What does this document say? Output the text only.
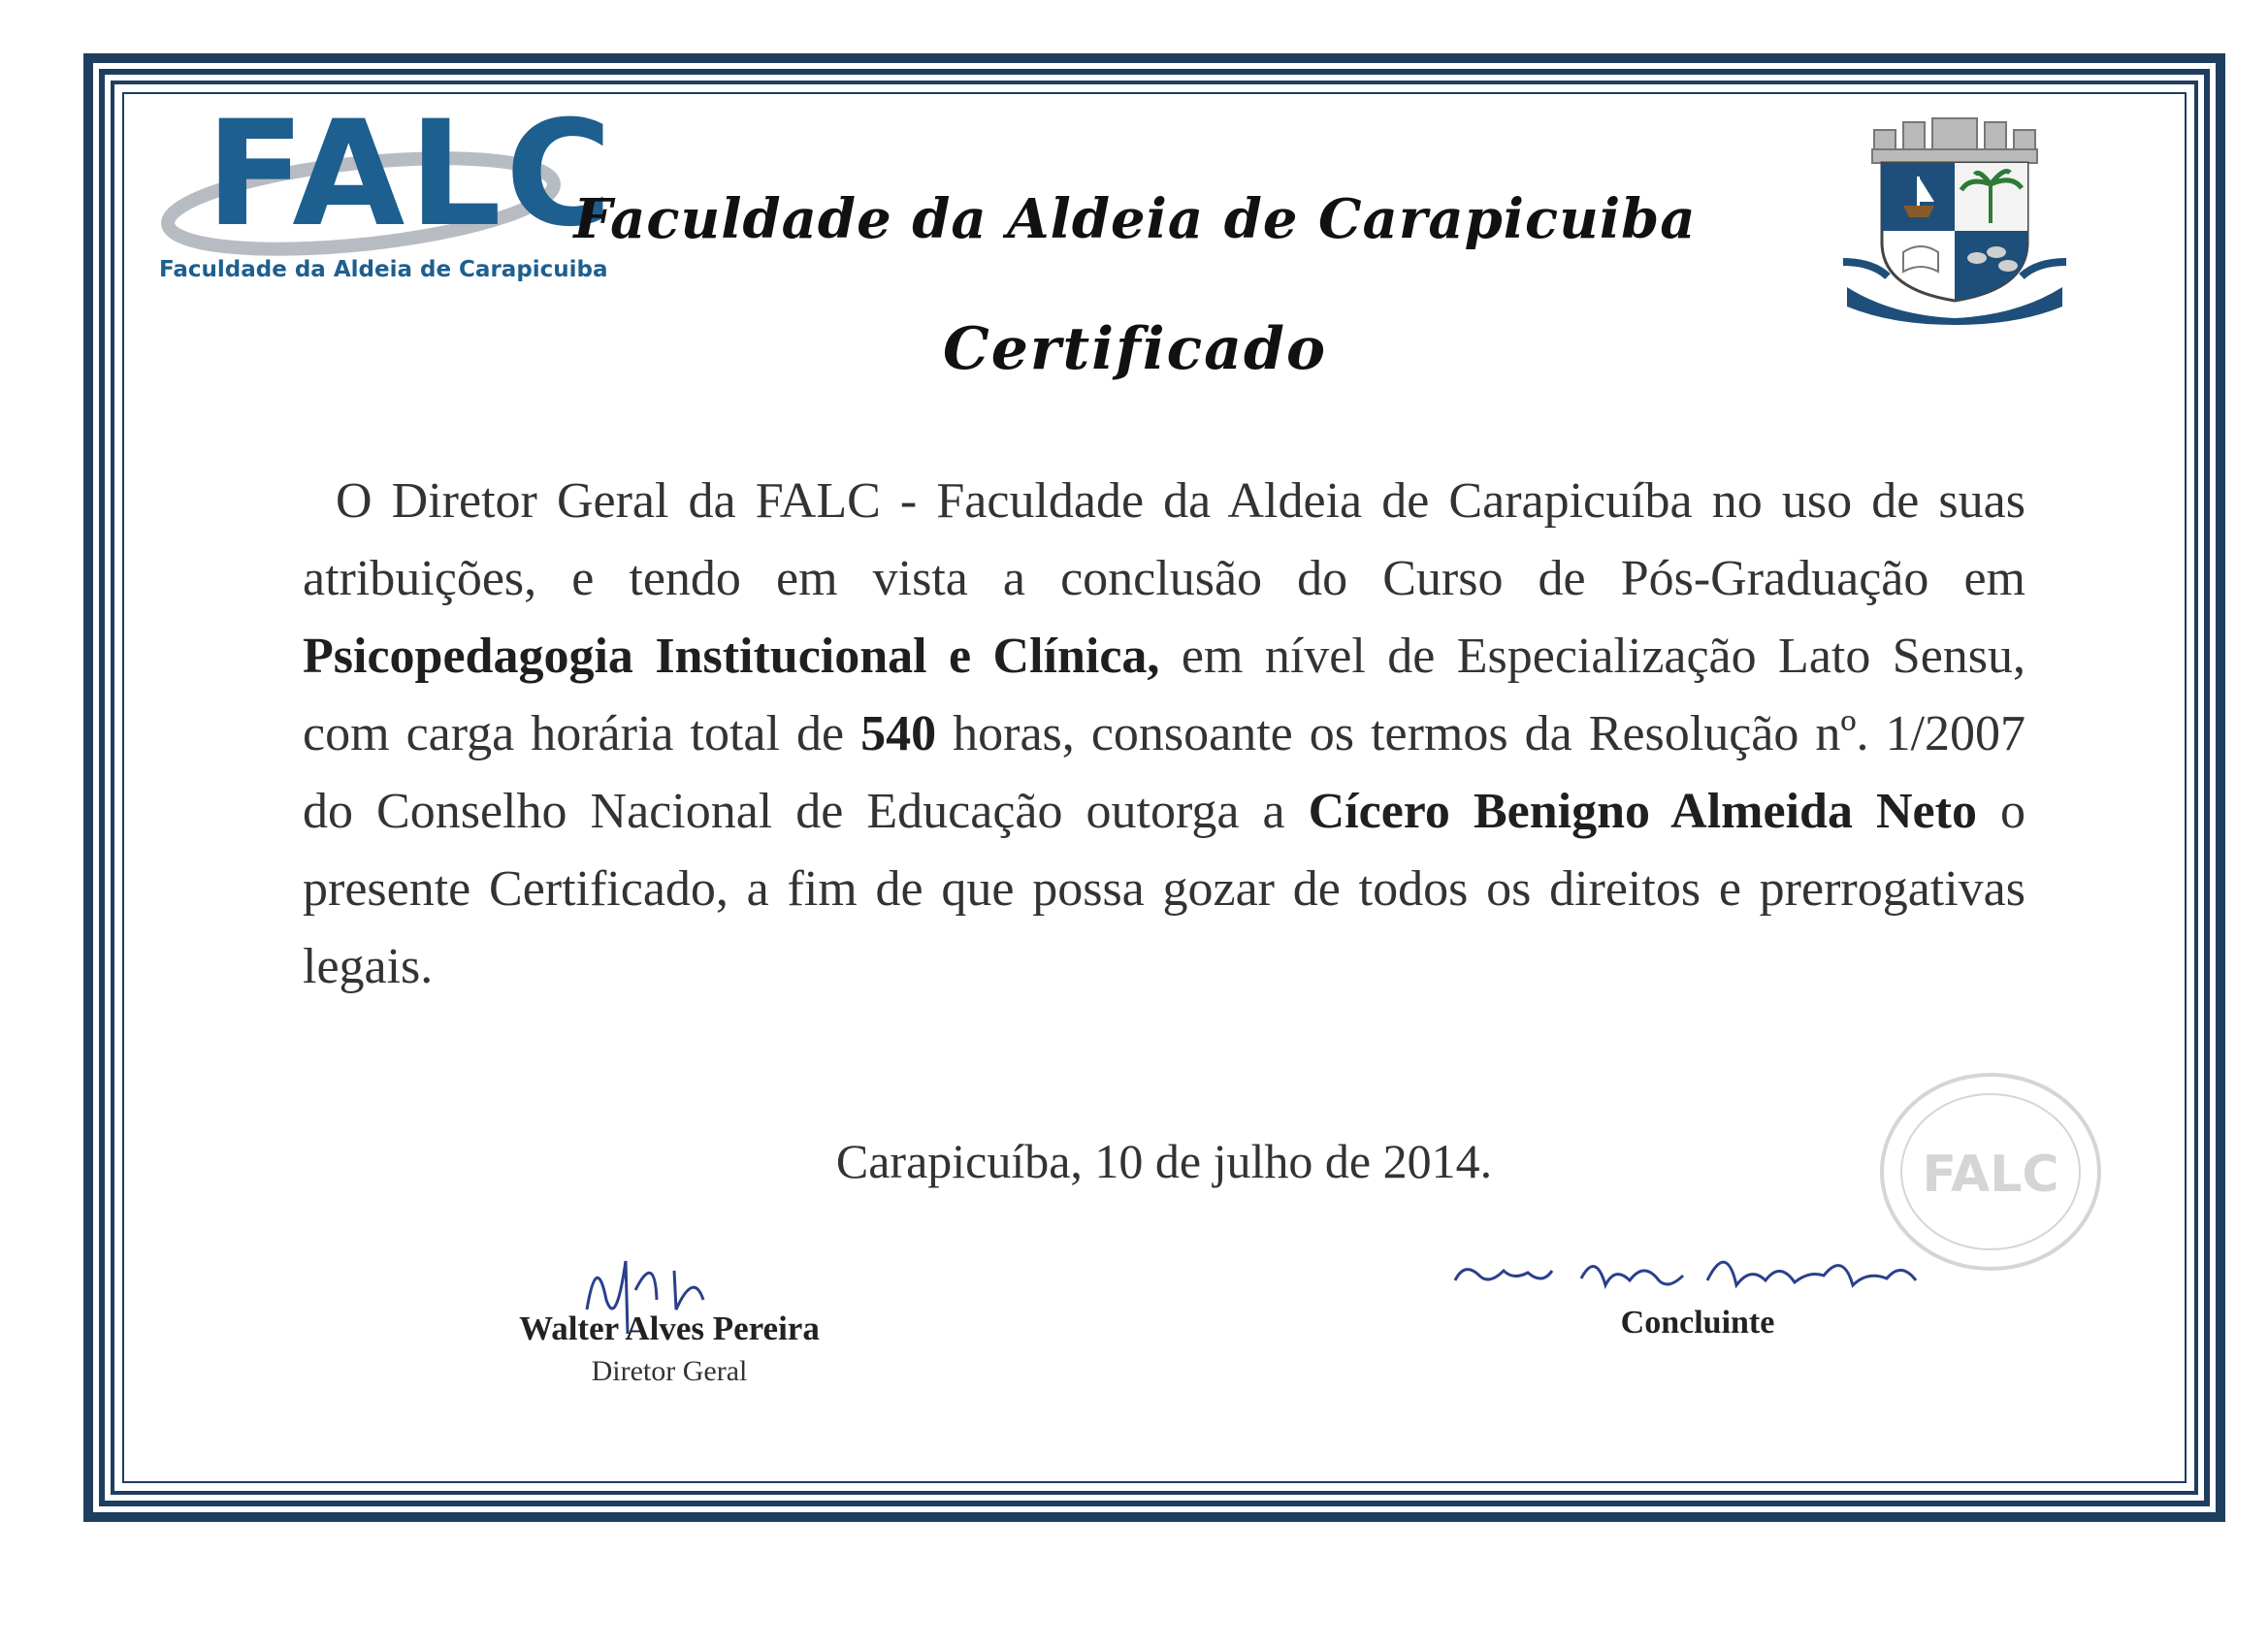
FALC
Faculdade da Aldeia de Carapicuiba
FALC
Faculdade da Aldeia de Carapicuiba
Certificado

O Diretor Geral da FALC - Faculdade da Aldeia de Carapicuíba no uso de suas atribuições, e tendo em vista a conclusão do Curso de Pós-Graduação em Psicopedagogia Institucional e Clínica, em nível de Especialização Lato Sensu, com carga horária total de 540 horas, consoante os termos da Resolução nº. 1/2007 do Conselho Nacional de Educação outorga a Cícero Benigno Almeida Neto o presente Certificado, a fim de que possa gozar de todos os direitos e prerrogativas legais.

Carapicuíba, 10 de julho de 2014.
Walter Alves Pereira
Diretor Geral
Concluinte
FALC
